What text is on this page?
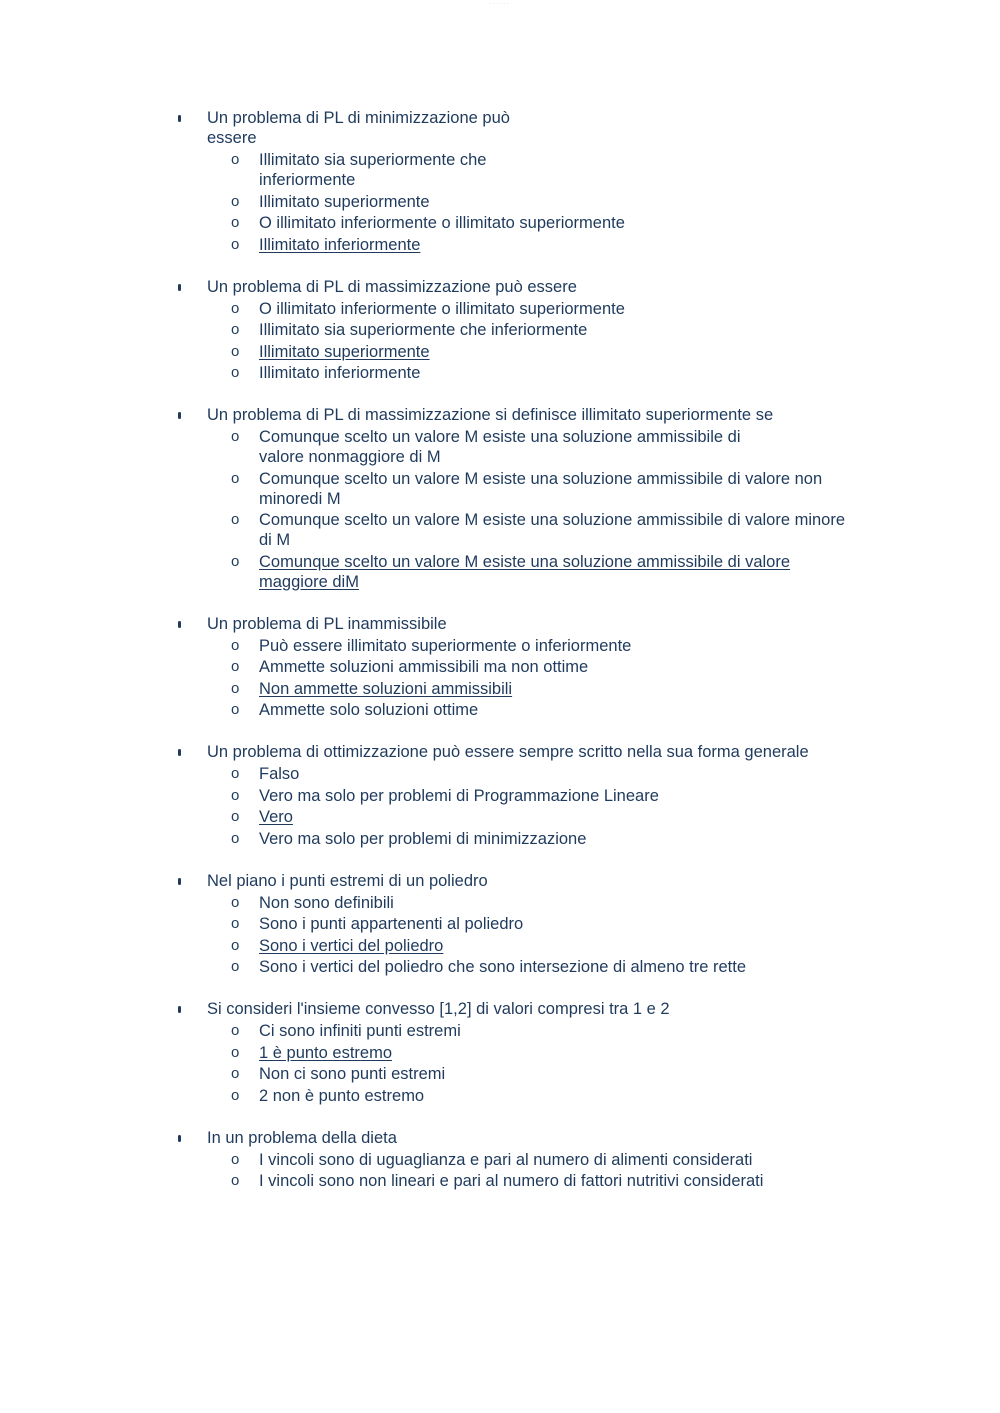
- - - - - -
Un problema di PL di minimizzazione può
essere
o Illimitato sia superiormente che
inferiormente
o Illimitato superiormente
o O illimitato inferiormente o illimitato superiormente
o Illimitato inferiormente
Un problema di PL di massimizzazione può essere
o O illimitato inferiormente o illimitato superiormente
o Illimitato sia superiormente che inferiormente
o Illimitato superiormente
o Illimitato inferiormente
Un problema di PL di massimizzazione si definisce illimitato superiormente se
o Comunque scelto un valore M esiste una soluzione ammissibile di
valore nonmaggiore di M
o Comunque scelto un valore M esiste una soluzione ammissibile di valore non
minoredi M
o Comunque scelto un valore M esiste una soluzione ammissibile di valore minore
di M
o Comunque scelto un valore M esiste una soluzione ammissibile di valore
maggiore diM
Un problema di PL inammissibile
o Può essere illimitato superiormente o inferiormente
o Ammette soluzioni ammissibili ma non ottime
o Non ammette soluzioni ammissibili
o Ammette solo soluzioni ottime
Un problema di ottimizzazione può essere sempre scritto nella sua forma generale
o Falso
o Vero ma solo per problemi di Programmazione Lineare
o Vero
o Vero ma solo per problemi di minimizzazione
Nel piano i punti estremi di un poliedro
o Non sono definibili
o Sono i punti appartenenti al poliedro
o Sono i vertici del poliedro
o Sono i vertici del poliedro che sono intersezione di almeno tre rette
Si consideri l'insieme convesso [1,2] di valori compresi tra 1 e 2
o Ci sono infiniti punti estremi
o 1 è punto estremo
o Non ci sono punti estremi
o 2 non è punto estremo
In un problema della dieta
o I vincoli sono di uguaglianza e pari al numero di alimenti considerati
o I vincoli sono non lineari e pari al numero di fattori nutritivi considerati
